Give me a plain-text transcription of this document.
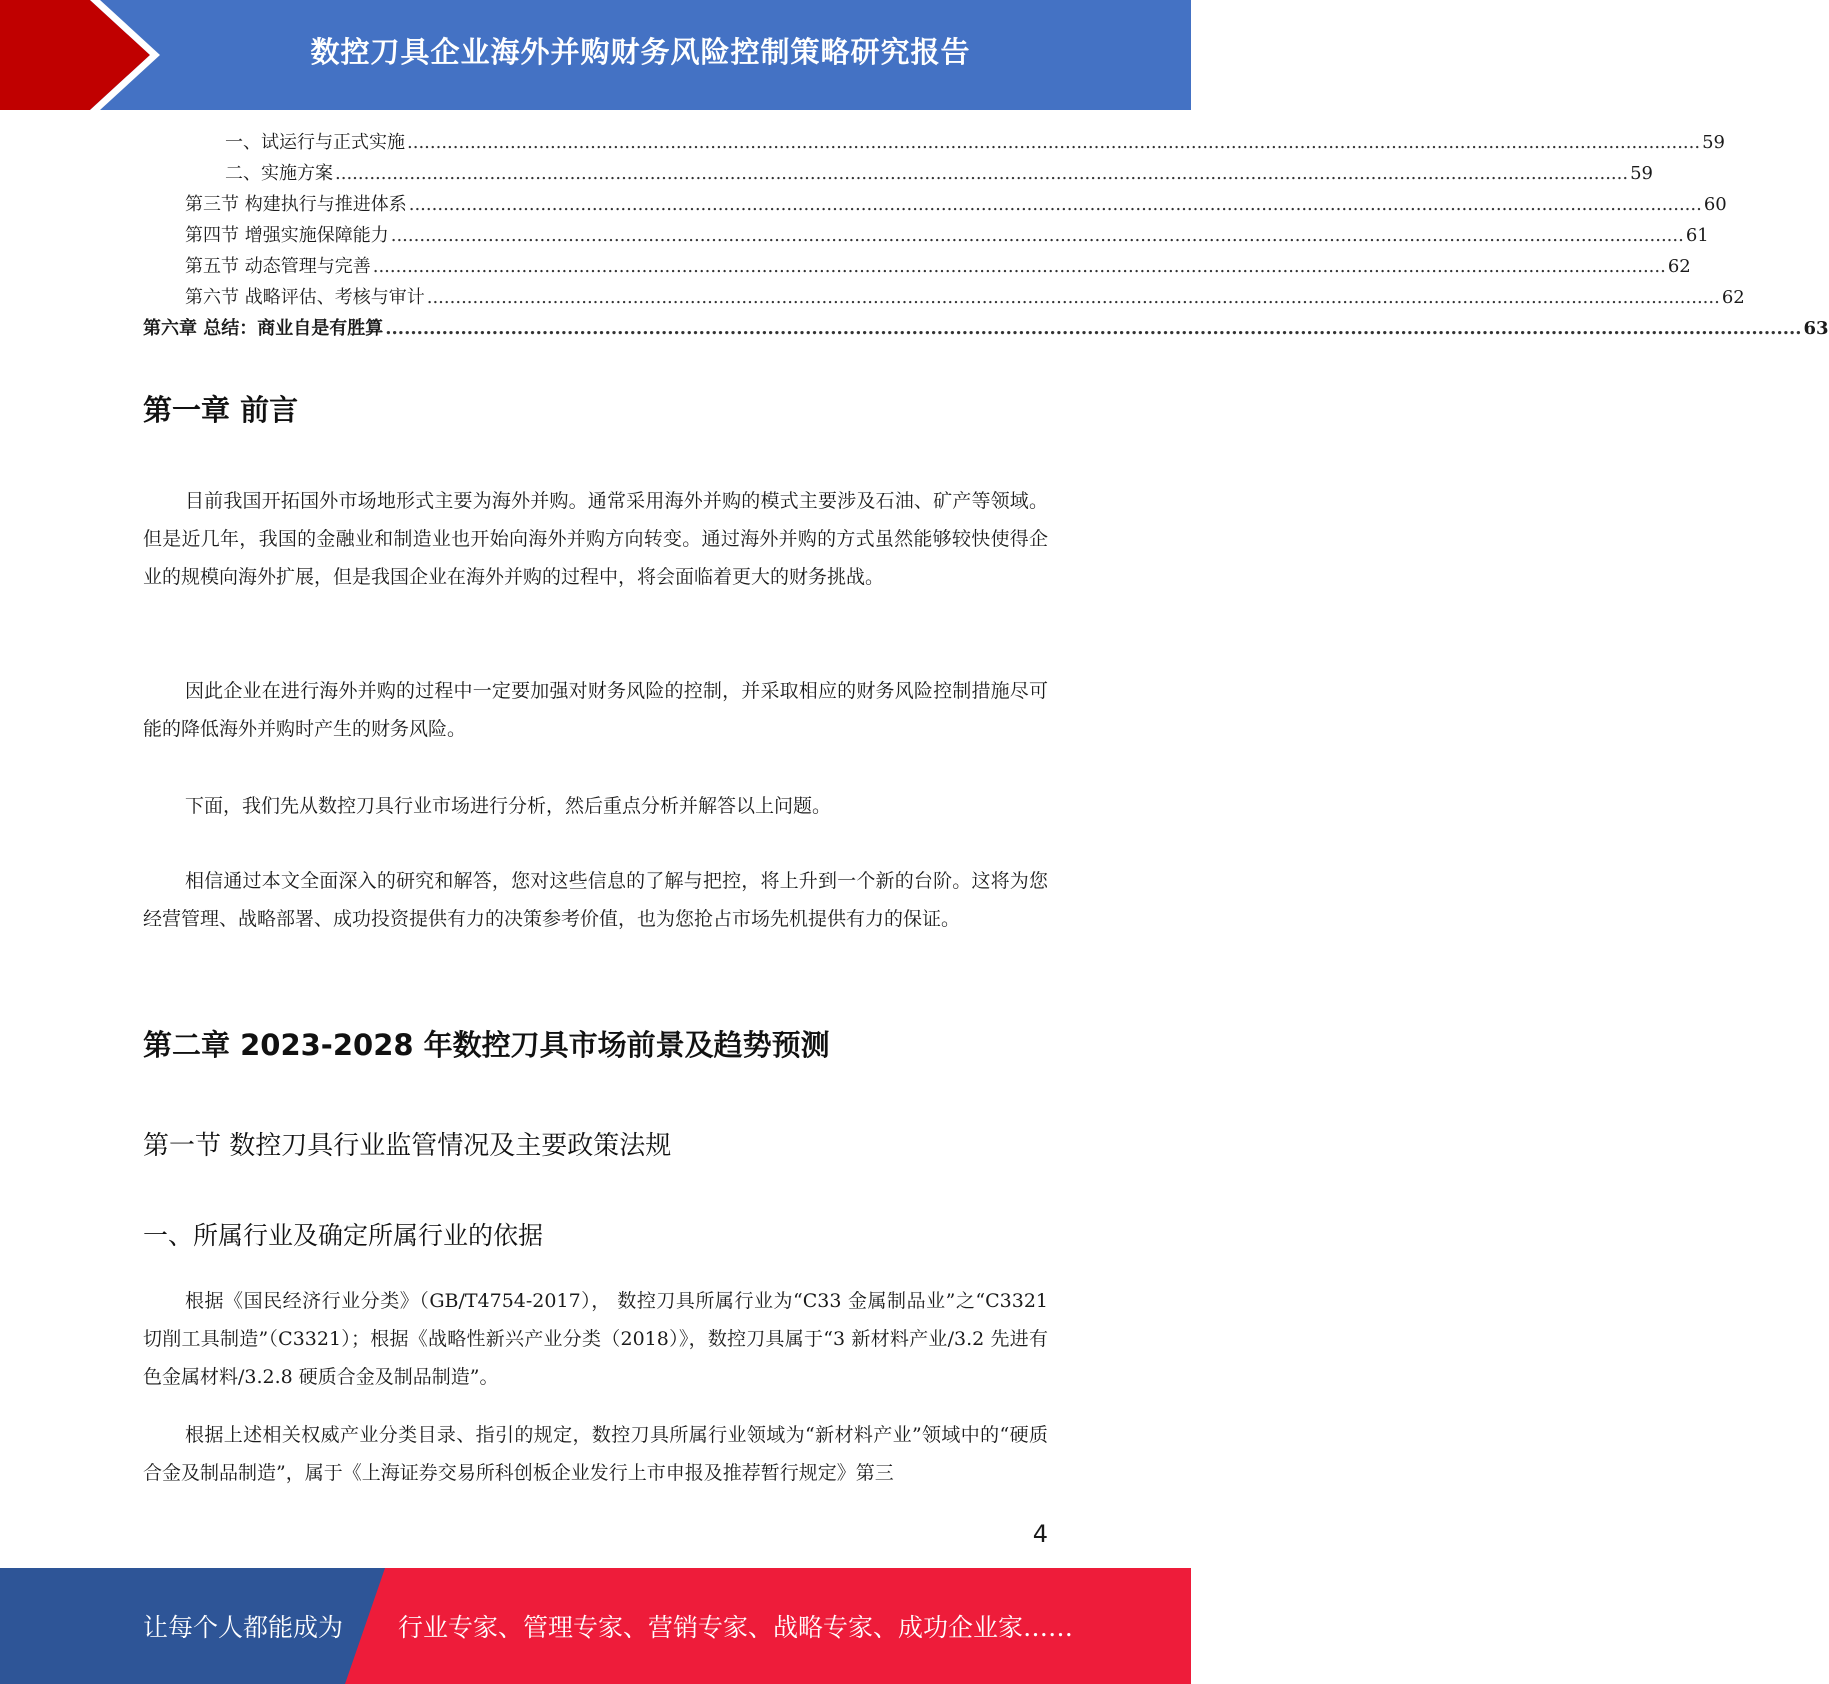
数控刀具企业海外并购财务风险控制策略研究报告
一、试运行与正式实施 .................................................................................................................................................................................................................................. 59
二、实施方案 .................................................................................................................................................................................................................................. 59
第三节 构建执行与推进体系 .................................................................................................................................................................................................................................. 60
第四节 增强实施保障能力 .................................................................................................................................................................................................................................. 61
第五节 动态管理与完善 .................................................................................................................................................................................................................................. 62
第六节 战略评估、考核与审计 .................................................................................................................................................................................................................................. 62
第六章 总结：商业自是有胜算 .................................................................................................................................................................................................................................. 63
第一章 前言

目前我国开拓国外市场地形式主要为海外并购。通常采用海外并购的模式主要涉及石油、矿产等领域。但是近几年，我国的金融业和制造业也开始向海外并购方向转变。通过海外并购的方式虽然能够较快使得企业的规模向海外扩展，但是我国企业在海外并购的过程中，将会面临着更大的财务挑战。

因此企业在进行海外并购的过程中一定要加强对财务风险的控制，并采取相应的财务风险控制措施尽可能的降低海外并购时产生的财务风险。

下面，我们先从数控刀具行业市场进行分析，然后重点分析并解答以上问题。

相信通过本文全面深入的研究和解答，您对这些信息的了解与把控，将上升到一个新的台阶。这将为您经营管理、战略部署、成功投资提供有力的决策参考价值，也为您抢占市场先机提供有力的保证。

第二章 2023-2028 年数控刀具市场前景及趋势预测
第一节 数控刀具行业监管情况及主要政策法规
一、所属行业及确定所属行业的依据

根据《国民经济行业分类》（GB/T4754-2017）， 数控刀具所属行业为“C33 金属制品业”之“C3321 切削工具制造”（C3321）；根据《战略性新兴产业分类（2018）》，数控刀具属于“3 新材料产业/3.2 先进有色金属材料/3.2.8 硬质合金及制品制造”。

根据上述相关权威产业分类目录、指引的规定，数控刀具所属行业领域为“新材料产业”领域中的“硬质合金及制品制造”，属于《上海证券交易所科创板企业发行上市申报及推荐暂行规定》第三

4
让每个人都能成为 行业专家、管理专家、营销专家、战略专家、成功企业家……
